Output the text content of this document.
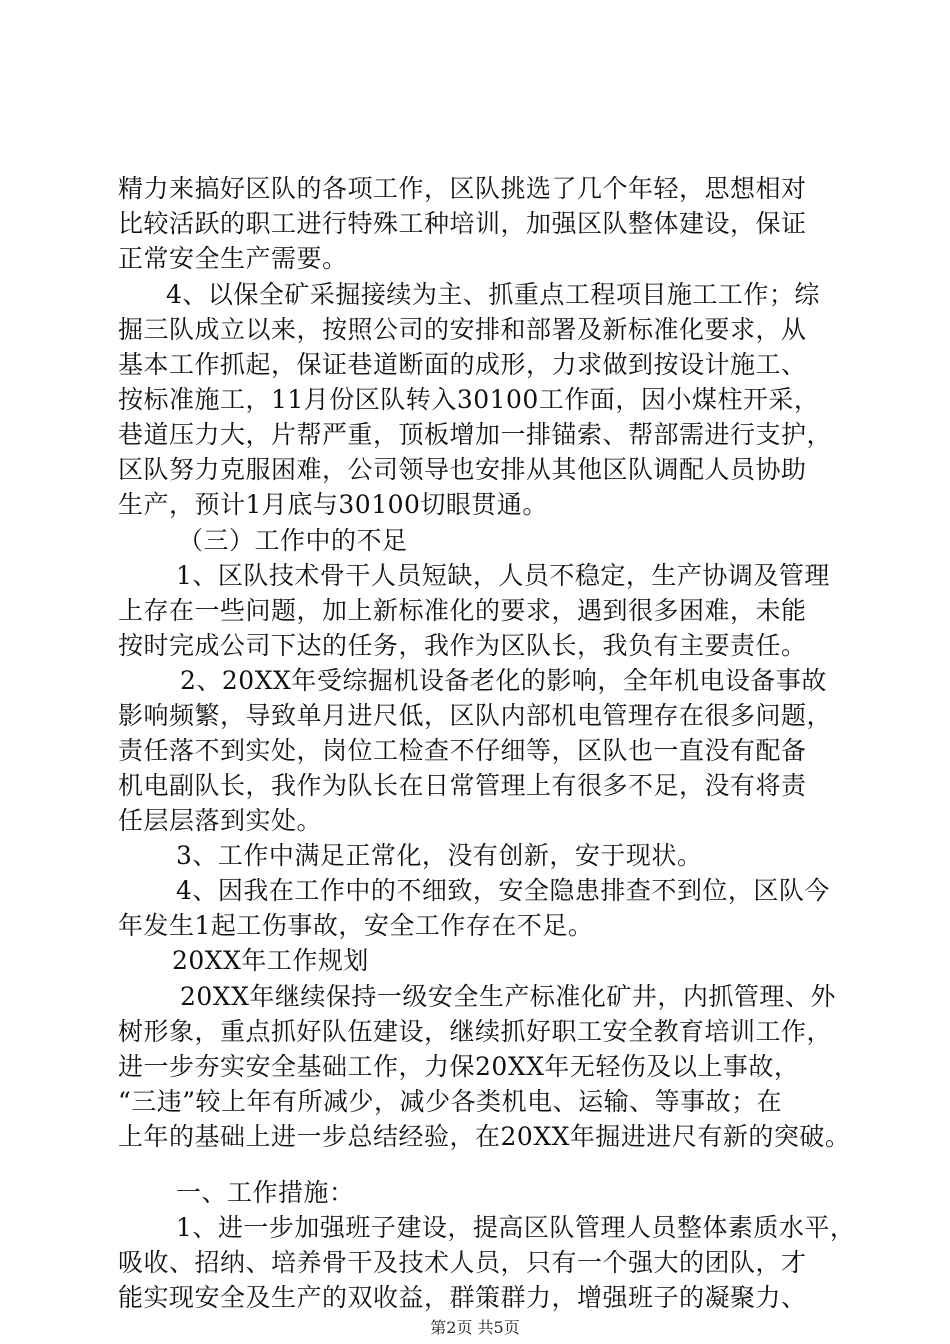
精力来搞好区队的各项工作，区队挑选了几个年轻，思想相对
比较活跃的职工进行特殊工种培训，加强区队整体建设，保证
正常安全生产需要。
4、以保全矿采掘接续为主、抓重点工程项目施工工作；综
掘三队成立以来，按照公司的安排和部署及新标准化要求，从
基本工作抓起，保证巷道断面的成形，力求做到按设计施工、
按标准施工，11月份区队转入30100工作面，因小煤柱开采，
巷道压力大，片帮严重，顶板增加一排锚索、帮部需进行支护，
区队努力克服困难，公司领导也安排从其他区队调配人员协助
生产，预计1月底与30100切眼贯通。
（三）工作中的不足
1、区队技术骨干人员短缺，人员不稳定，生产协调及管理
上存在一些问题，加上新标准化的要求，遇到很多困难，未能
按时完成公司下达的任务，我作为区队长，我负有主要责任。
2、20XX年受综掘机设备老化的影响，全年机电设备事故
影响频繁，导致单月进尺低，区队内部机电管理存在很多问题，
责任落不到实处，岗位工检查不仔细等，区队也一直没有配备
机电副队长，我作为队长在日常管理上有很多不足，没有将责
任层层落到实处。
3、工作中满足正常化，没有创新，安于现状。
4、因我在工作中的不细致，安全隐患排查不到位，区队今
年发生1起工伤事故，安全工作存在不足。
20XX年工作规划
20XX年继续保持一级安全生产标准化矿井，内抓管理、外
树形象，重点抓好队伍建设，继续抓好职工安全教育培训工作，
进一步夯实安全基础工作，力保20XX年无轻伤及以上事故，
“三违”较上年有所减少，减少各类机电、运输、等事故；在
上年的基础上进一步总结经验，在20XX年掘进进尺有新的突破。
一、工作措施：
1、进一步加强班子建设，提高区队管理人员整体素质水平，
吸收、招纳、培养骨干及技术人员，只有一个强大的团队，才
能实现安全及生产的双收益，群策群力，增强班子的凝聚力、
第2页 共5页
